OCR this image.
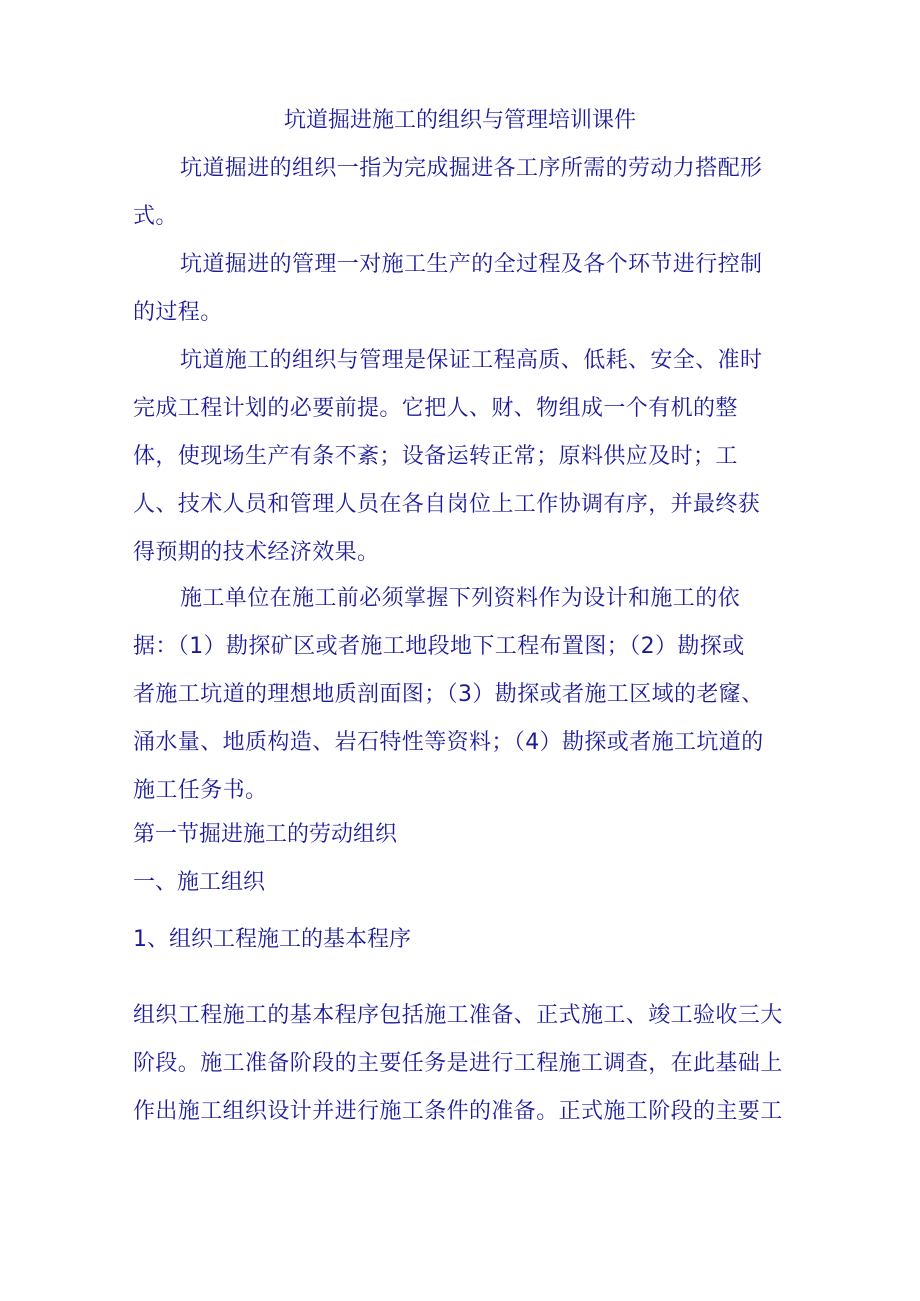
坑道掘进施工的组织与管理培训课件
坑道掘进的组织一指为完成掘进各工序所需的劳动力搭配形
式。
坑道掘进的管理一对施工生产的全过程及各个环节进行控制
的过程。
坑道施工的组织与管理是保证工程高质、低耗、安全、准时
完成工程计划的必要前提。它把人、财、物组成一个有机的整
体，使现场生产有条不紊；设备运转正常；原料供应及时；工
人、技术人员和管理人员在各自岗位上工作协调有序，并最终获
得预期的技术经济效果。
施工单位在施工前必须掌握下列资料作为设计和施工的依
据：（1）勘探矿区或者施工地段地下工程布置图；（2）勘探或
者施工坑道的理想地质剖面图；（3）勘探或者施工区域的老窿、
涌水量、地质构造、岩石特性等资料；（4）勘探或者施工坑道的
施工任务书。
第一节掘进施工的劳动组织
一、施工组织
1、组织工程施工的基本程序
组织工程施工的基本程序包括施工准备、正式施工、竣工验收三大
阶段。施工准备阶段的主要任务是进行工程施工调查，在此基础上
作出施工组织设计并进行施工条件的准备。正式施工阶段的主要工
